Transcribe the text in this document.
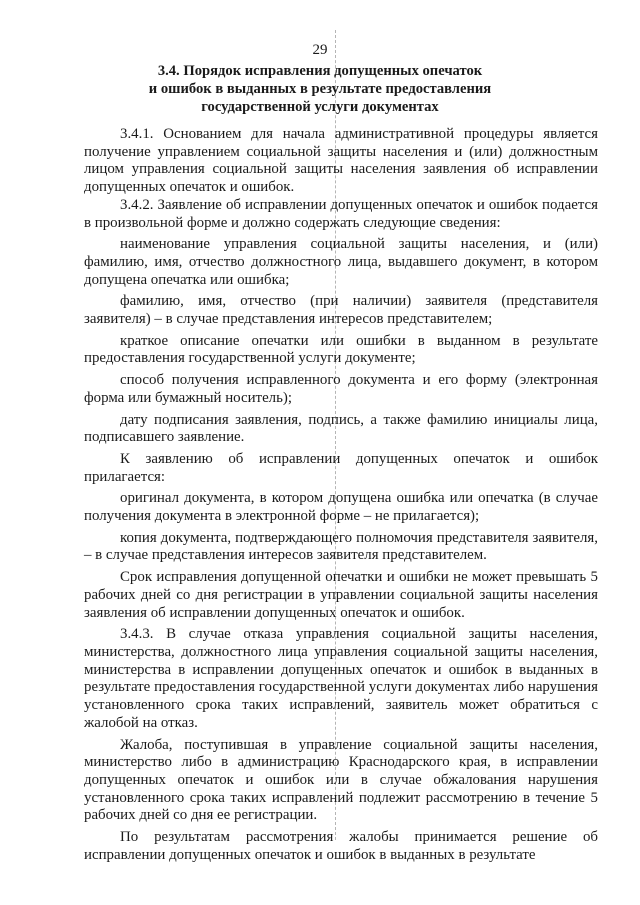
29
3.4. Порядок исправления допущенных опечаток
и ошибок в выданных в результате предоставления
государственной услуги документах

3.4.1. Основанием для начала административной процедуры является получение управлением социальной защиты населения и (или) должностным лицом управления социальной защиты населения заявления об исправлении допущенных опечаток и ошибок.

3.4.2. Заявление об исправлении допущенных опечаток и ошибок подается в произвольной форме и должно содержать следующие сведения:

наименование управления социальной защиты населения, и (или) фамилию, имя, отчество должностного лица, выдавшего документ, в котором допущена опечатка или ошибка;

фамилию, имя, отчество (при наличии) заявителя (представителя заявителя) – в случае представления интересов представителем;

краткое описание опечатки или ошибки в выданном в результате предоставления государственной услуги документе;

способ получения исправленного документа и его форму (электронная форма или бумажный носитель);

дату подписания заявления, подпись, а также фамилию инициалы лица, подписавшего заявление.

К заявлению об исправлении допущенных опечаток и ошибок прилагается:

оригинал документа, в котором допущена ошибка или опечатка (в случае получения документа в электронной форме – не прилагается);

копия документа, подтверждающего полномочия представителя заявителя, – в случае представления интересов заявителя представителем.

Срок исправления допущенной опечатки и ошибки не может превышать 5 рабочих дней со дня регистрации в управлении социальной защиты населения заявления об исправлении допущенных опечаток и ошибок.

3.4.3. В случае отказа управления социальной защиты населения, министерства, должностного лица управления социальной защиты населения, министерства в исправлении допущенных опечаток и ошибок в выданных в результате предоставления государственной услуги документах либо нарушения установленного срока таких исправлений, заявитель может обратиться с жалобой на отказ.

Жалоба, поступившая в управление социальной защиты населения, министерство либо в администрацию Краснодарского края, в исправлении допущенных опечаток и ошибок или в случае обжалования нарушения установленного срока таких исправлений подлежит рассмотрению в течение 5 рабочих дней со дня ее регистрации.

По результатам рассмотрения жалобы принимается решение об исправлении допущенных опечаток и ошибок в выданных в результате
